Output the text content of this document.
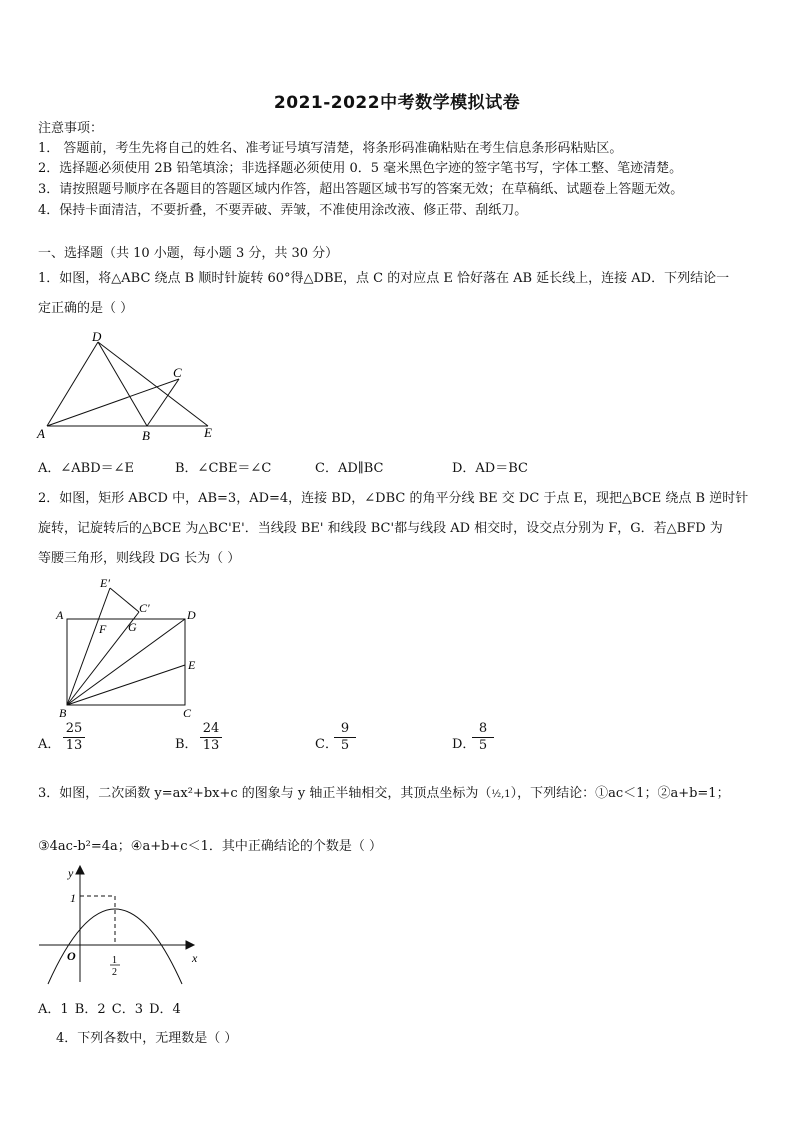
2021-2022中考数学模拟试卷
注意事项：
1． 答题前，考生先将自己的姓名、准考证号填写清楚，将条形码准确粘贴在考生信息条形码粘贴区。
2．选择题必须使用 2B 铅笔填涂；非选择题必须使用 0．5 毫米黑色字迹的签字笔书写，字体工整、笔迹清楚。
3．请按照题号顺序在各题目的答题区域内作答，超出答题区域书写的答案无效；在草稿纸、试题卷上答题无效。
4．保持卡面清洁，不要折叠，不要弄破、弄皱，不准使用涂改液、修正带、刮纸刀。
一、选择题（共 10 小题，每小题 3 分，共 30 分）
1．如图，将△ABC 绕点 B 顺时针旋转 60°得△DBE，点 C 的对应点 E 恰好落在 AB 延长线上，连接 AD．下列结论一
定正确的是（ ）
D
C
A	B	E
A．∠ABD＝∠E	B．∠CBE＝∠C	C．AD∥BC	D．AD＝BC
2．如图，矩形 ABCD 中，AB=3，AD=4，连接 BD，∠DBC 的角平分线 BE 交 DC 于点 E，现把△BCE 绕点 B 逆时针
旋转，记旋转后的△BCE 为△BC'E'．当线段 BE' 和线段 BC'都与线段 AD 相交时，设交点分别为 F，G．若△BFD 为
等腰三角形，则线段 DG 长为（ ）
E′
C′
A	D
F G
E
B	C
A． $\frac{25}{13}$	B． $\frac{24}{13}$	C．
$\frac{9}{5}$	D．
$\frac{8}{5}$
3．如图，二次函数 y=ax²+bx+c 的图象与 y 轴正半轴相交，其顶点坐标为（½,1），下列结论：①ac＜1；②a+b=1；
③4ac-b²=4a；④a+b+c＜1．其中正确结论的个数是（ ）
y
x
O
1
1
2
A．1 B．2 C．3 D．4
4．下列各数中，无理数是（ ）
